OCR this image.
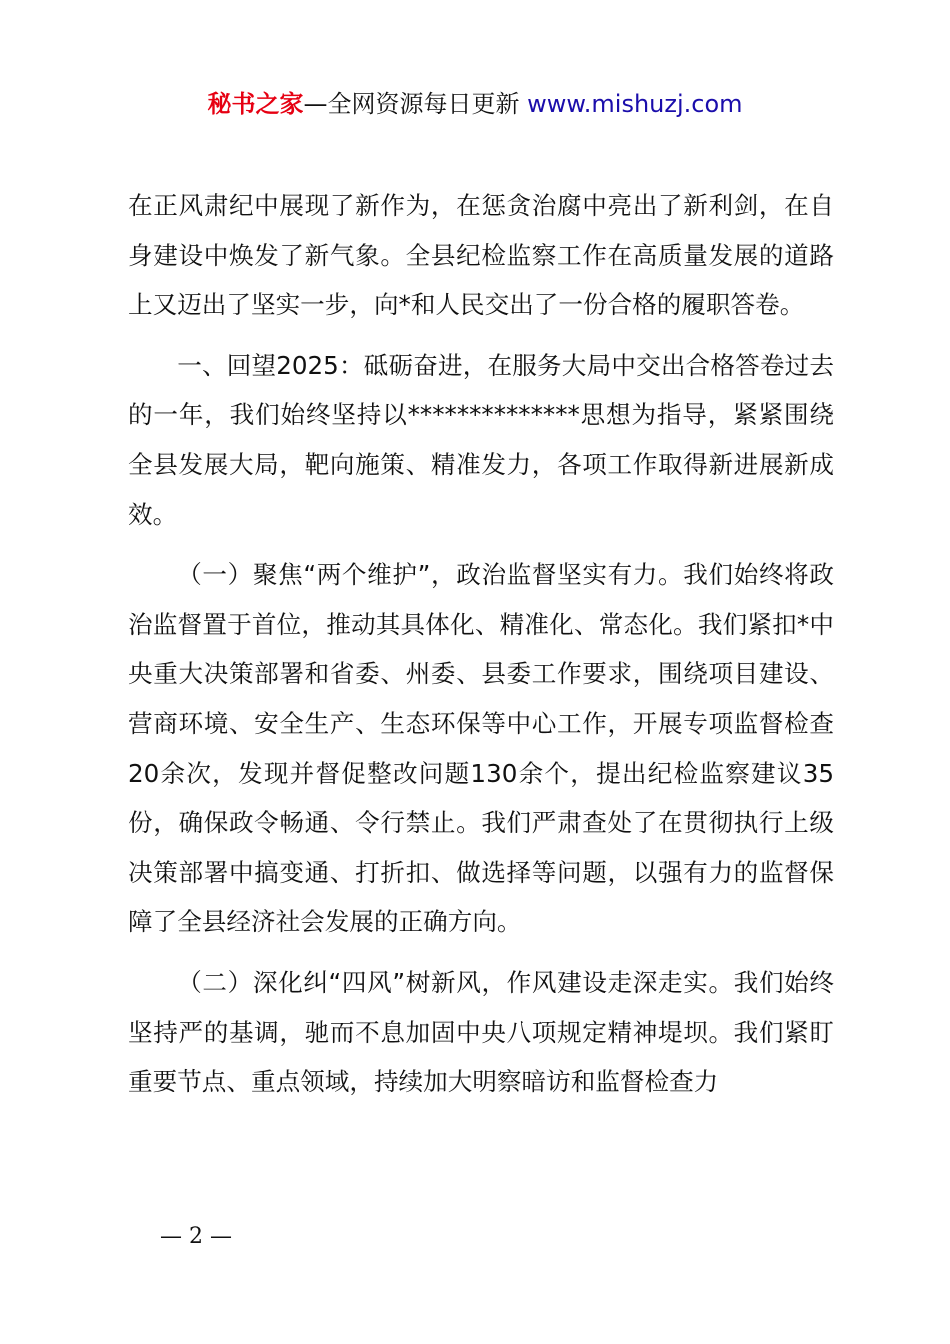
秘书之家—全网资源每日更新 www.mishuzj.com

在正风肃纪中展现了新作为，在惩贪治腐中亮出了新利剑，在自身建设中焕发了新气象。全县纪检监察工作在高质量发展的道路上又迈出了坚实一步，向*和人民交出了一份合格的履职答卷。

一、回望2025：砥砺奋进，在服务大局中交出合格答卷过去的一年，我们始终坚持以**************思想为指导，紧紧围绕全县发展大局，靶向施策、精准发力，各项工作取得新进展新成效。

（一）聚焦“两个维护”，政治监督坚实有力。我们始终将政治监督置于首位，推动其具体化、精准化、常态化。我们紧扣*中央重大决策部署和省委、州委、县委工作要求，围绕项目建设、营商环境、安全生产、生态环保等中心工作，开展专项监督检查20余次，发现并督促整改问题130余个，提出纪检监察建议35份，确保政令畅通、令行禁止。我们严肃查处了在贯彻执行上级决策部署中搞变通、打折扣、做选择等问题，以强有力的监督保障了全县经济社会发展的正确方向。

（二）深化纠“四风”树新风，作风建设走深走实。我们始终坚持严的基调，驰而不息加固中央八项规定精神堤坝。我们紧盯重要节点、重点领域，持续加大明察暗访和监督检查力

— 2 —
